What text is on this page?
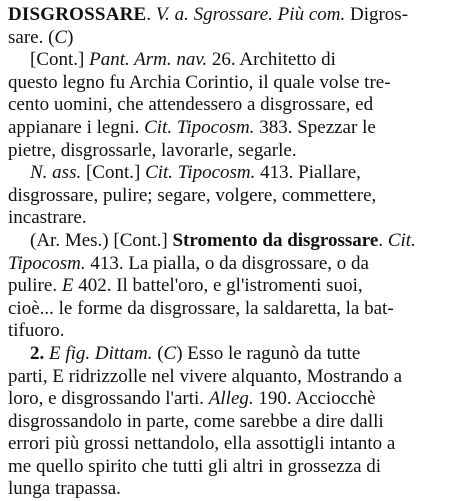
DISGROSSARE. V. a. Sgrossare. Più com. Digros-
sare. (C)
[Cont.] Pant. Arm. nav. 26. Architetto di
questo legno fu Archia Corintio, il quale volse tre-
cento uomini, che attendessero a disgrossare, ed
appianare i legni. Cit. Tipocosm. 383. Spezzar le
pietre, disgrossarle, lavorarle, segarle.
N. ass. [Cont.] Cit. Tipocosm. 413. Piallare,
disgrossare, pulire; segare, volgere, commettere,
incastrare.
(Ar. Mes.) [Cont.] Stromento da disgrossare. Cit.
Tipocosm. 413. La pialla, o da disgrossare, o da
pulire. E 402. Il battel'oro, e gl'istromenti suoi,
cioè... le forme da disgrossare, la saldaretta, la bat-
tifuoro.
2. E fig. Dittam. (C) Esso le ragunò da tutte
parti, E ridrizzolle nel vivere alquanto, Mostrando a
loro, e disgrossando l'arti. Alleg. 190. Acciocchè
disgrossandolo in parte, come sarebbe a dire dalli
errori più grossi nettandolo, ella assottigli intanto a
me quello spirito che tutti gli altri in grossezza di
lunga trapassa.
